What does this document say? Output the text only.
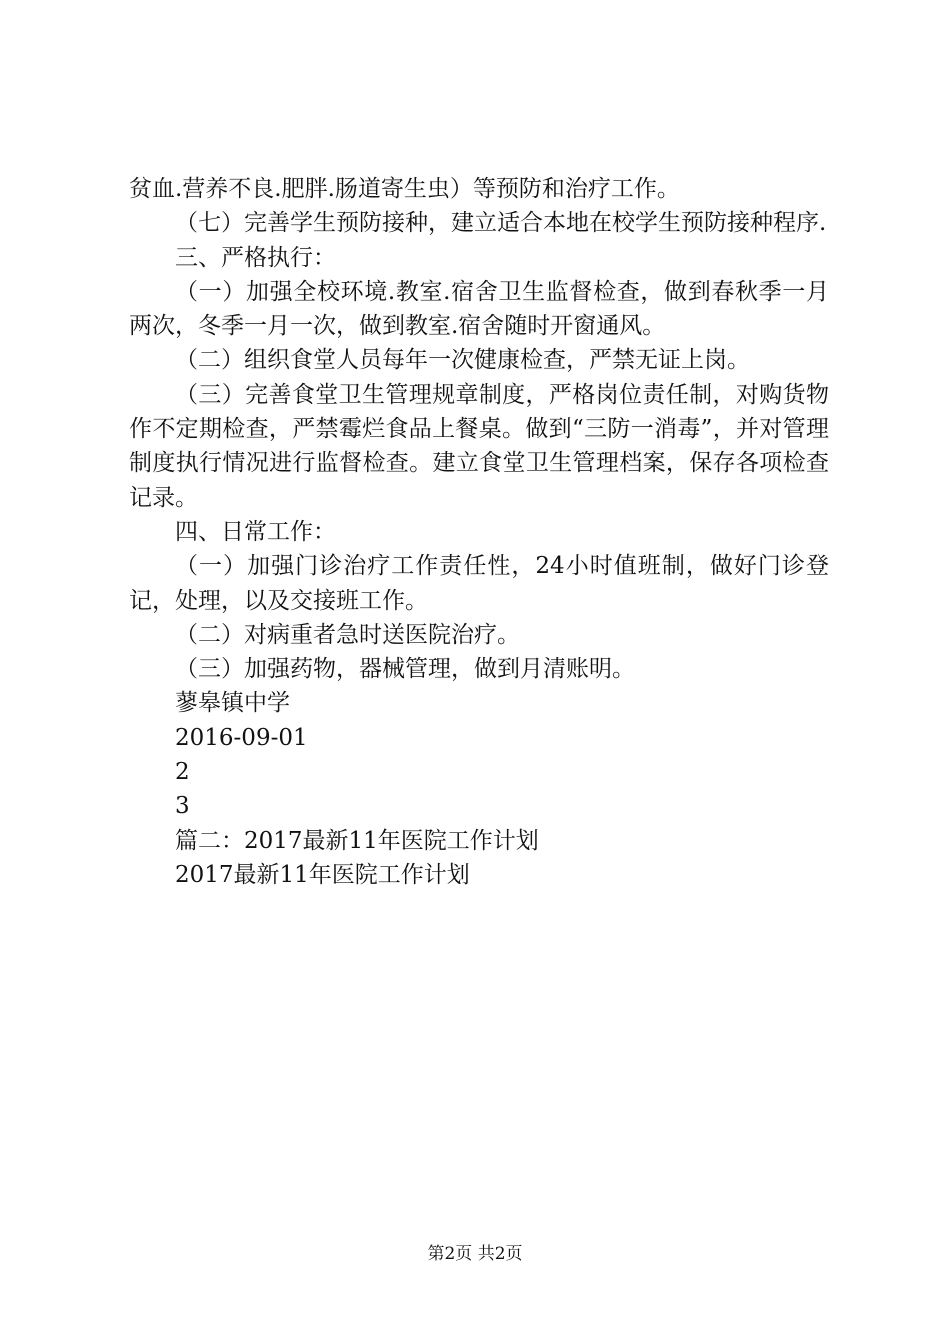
贫血.营养不良.肥胖.肠道寄生虫）等预防和治疗工作。

（七）完善学生预防接种，建立适合本地在校学生预防接种程序.

三、严格执行：

（一）加强全校环境.教室.宿舍卫生监督检查，做到春秋季一月两次，冬季一月一次，做到教室.宿舍随时开窗通风。

（二）组织食堂人员每年一次健康检查，严禁无证上岗。

（三）完善食堂卫生管理规章制度，严格岗位责任制，对购货物作不定期检查，严禁霉烂食品上餐桌。做到“三防一消毒”，并对管理制度执行情况进行监督检查。建立食堂卫生管理档案，保存各项检查记录。

四、日常工作：

（一）加强门诊治疗工作责任性，24小时值班制，做好门诊登记，处理，以及交接班工作。

（二）对病重者急时送医院治疗。

（三）加强药物，器械管理，做到月清账明。

蓼皋镇中学

2016-09-01

2

3

篇二：2017最新11年医院工作计划

2017最新11年医院工作计划

第2页 共2页
